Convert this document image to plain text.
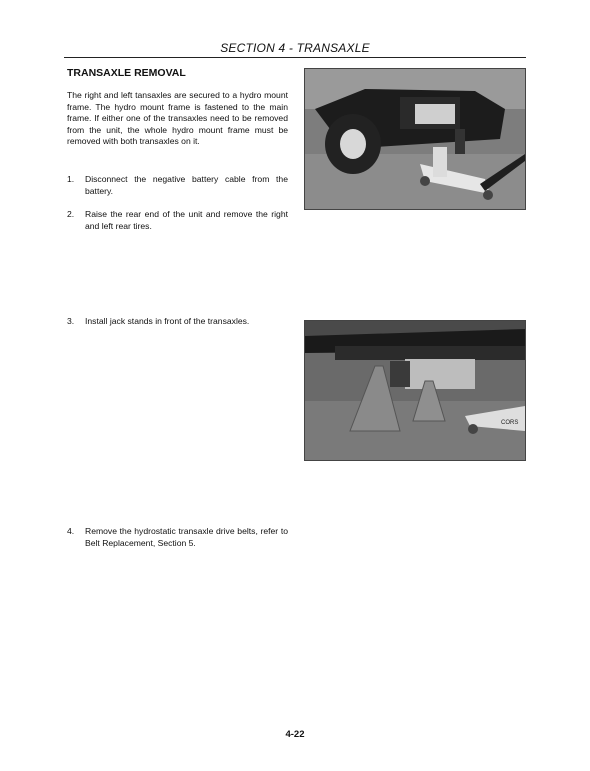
SECTION 4 - TRANSAXLE
TRANSAXLE REMOVAL

The right and left tansaxles are secured to a hydro mount frame. The hydro mount frame is fastened to the main frame. If either one of the transaxles need to be removed from the unit, the whole hydro mount frame must be removed with both transaxles on it.

1.	Disconnect the negative battery cable from the battery.
2.	Raise the rear end of the unit and remove the right and left rear tires.
3.	Install jack stands in front of the transaxles.
4.	Remove the hydrostatic transaxle drive belts, refer to Belt Replacement, Section 5.
CORS
4-22
